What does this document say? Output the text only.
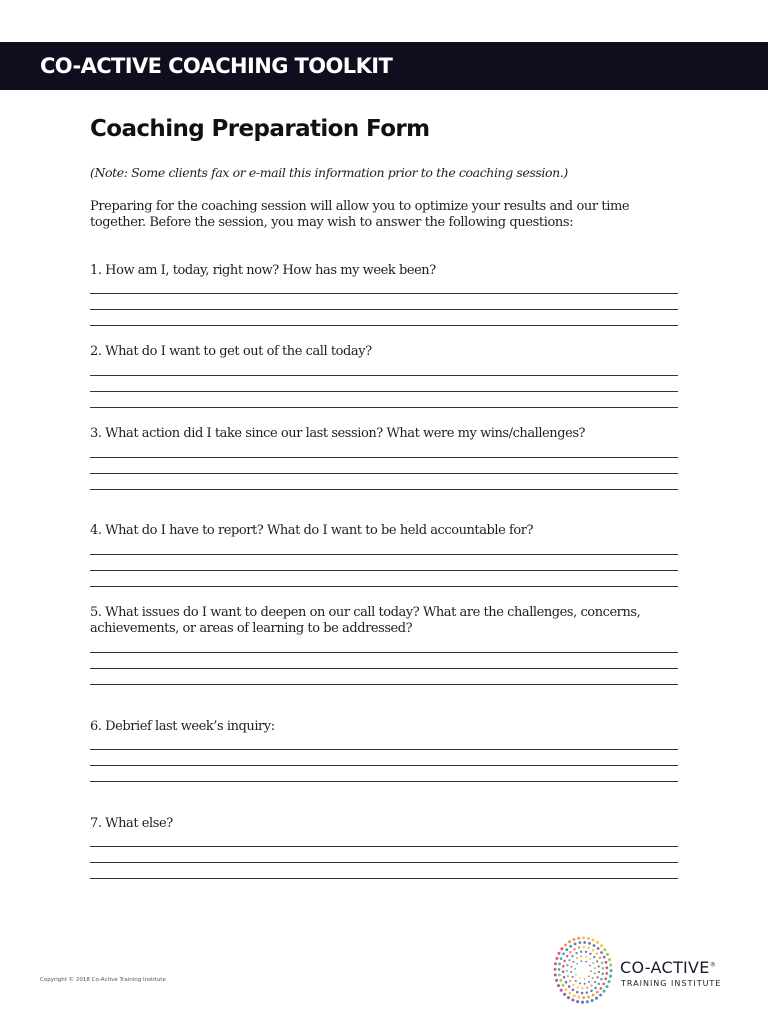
CO-ACTIVE COACHING TOOLKIT
Coaching Preparation Form
(Note: Some clients fax or e-mail this information prior to the coaching session.)
Preparing for the coaching session will allow you to optimize your results and our time together. Before the session, you may wish to answer the following questions:
1. How am I, today, right now? How has my week been?
2. What do I want to get out of the call today?
3. What action did I take since our last session? What were my wins/challenges?
4. What do I have to report? What do I want to be held accountable for?
5. What issues do I want to deepen on our call today? What are the challenges, concerns,
achievements, or areas of learning to be addressed?
6. Debrief last week’s inquiry:
7. What else?
Copyright © 2018 Co-Active Training Institute
CO-ACTIVE®
TRAINING INSTITUTE
